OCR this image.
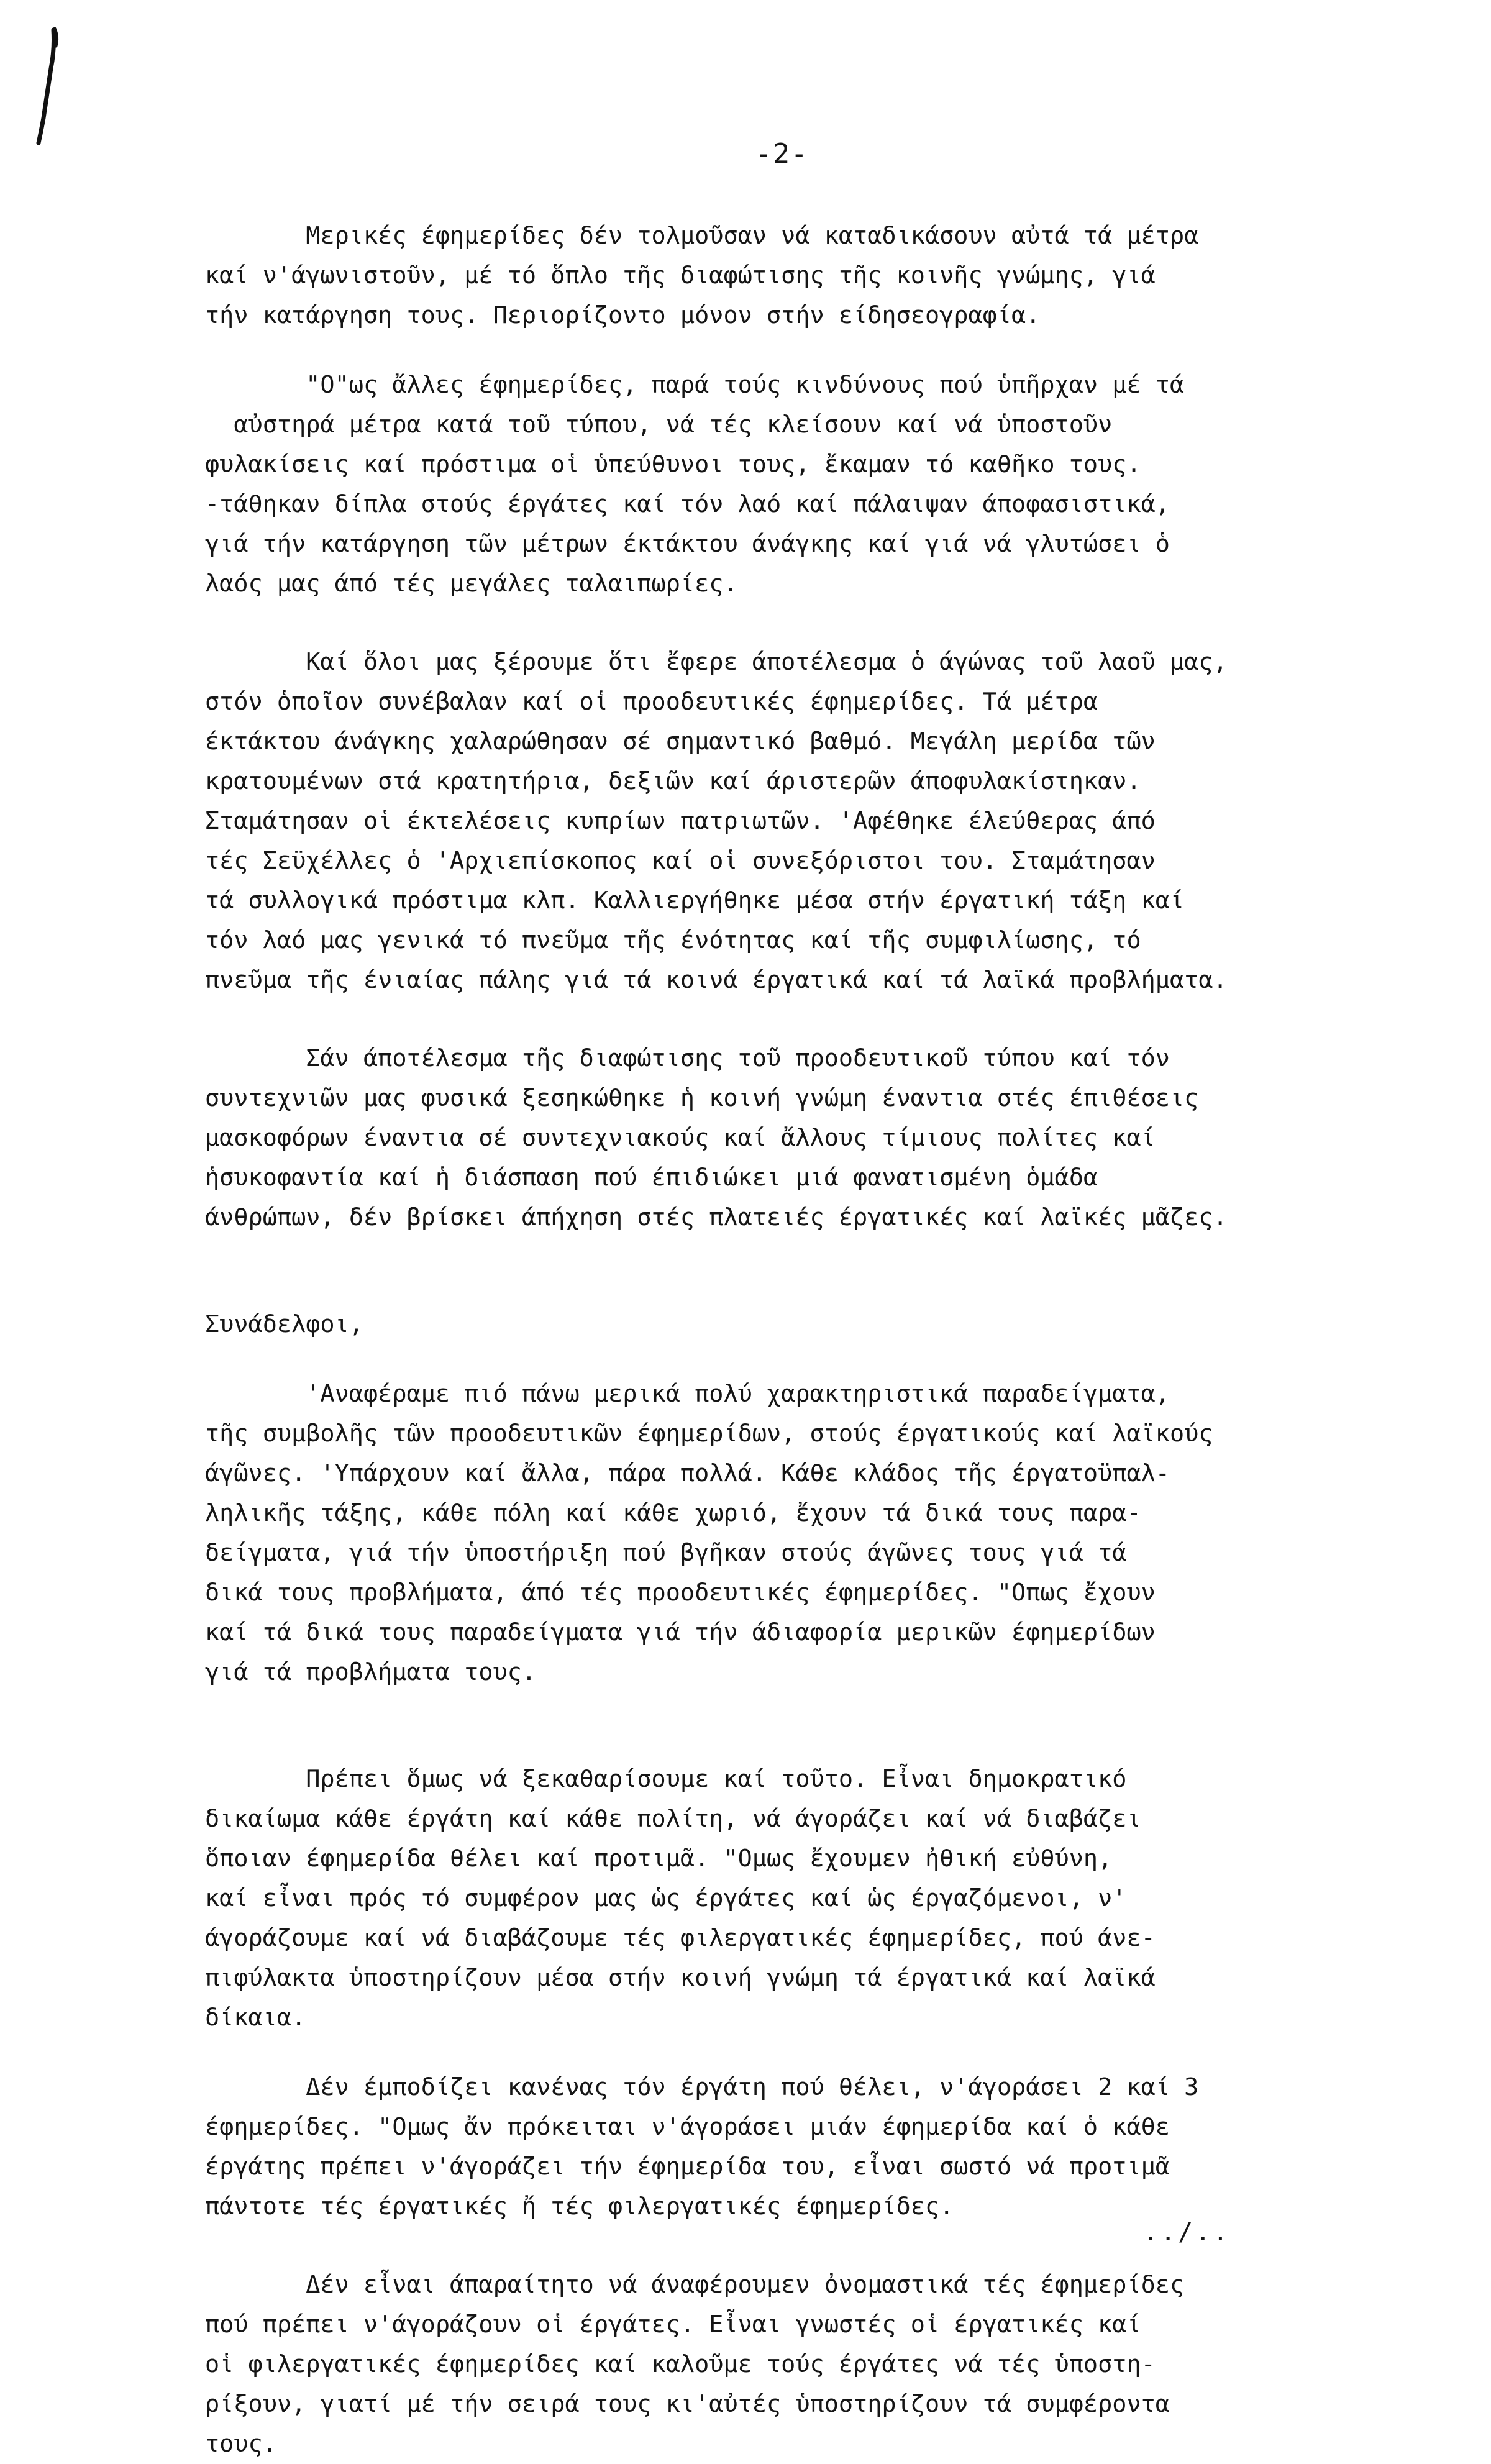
-2-
Μερικές έφημερίδες δέν τολμοῦσαν νά καταδικάσουν αὐτά τά μέτρα
καί ν'άγωνιστοῦν, μέ τό ὅπλο τῆς διαφώτισης τῆς κοινῆς γνώμης, γιά
τήν κατάργηση τους. Περιορίζοντο μόνον στήν είδησεογραφία.
"Ο"ως ἄλλες έφημερίδες, παρά τούς κινδύνους πού ὑπῆρχαν μέ τά
αὐστηρά μέτρα κατά τοῦ τύπου, νά τές κλείσουν καί νά ὑποστοῦν
φυλακίσεις καί πρόστιμα οἱ ὑπεύθυνοι τους, ἔκαμαν τό καθῆκο τους.
-τάθηκαν δίπλα στούς έργάτες καί τόν λαό καί πάλαιψαν άποφασιστικά,
γιά τήν κατάργηση τῶν μέτρων έκτάκτου άνάγκης καί γιά νά γλυτώσει ὁ
λαός μας άπό τές μεγάλες ταλαιπωρίες.
Καί ὅλοι μας ξέρουμε ὅτι ἔφερε άποτέλεσμα ὁ άγώνας τοῦ λαοῦ μας,
στόν ὁποῖον συνέβαλαν καί οἱ προοδευτικές έφημερίδες. Τά μέτρα
έκτάκτου άνάγκης χαλαρώθησαν σέ σημαντικό βαθμό. Μεγάλη μερίδα τῶν
κρατουμένων στά κρατητήρια, δεξιῶν καί άριστερῶν άποφυλακίστηκαν.
Σταμάτησαν οἱ έκτελέσεις κυπρίων πατριωτῶν. 'Αφέθηκε έλεύθερας άπό
τές Σεϋχέλλες ὁ 'Αρχιεπίσκοπος καί οἱ συνεξόριστοι του. Σταμάτησαν
τά συλλογικά πρόστιμα κλπ. Καλλιεργήθηκε μέσα στήν έργατική τάξη καί
τόν λαό μας γενικά τό πνεῦμα τῆς ένότητας καί τῆς συμφιλίωσης, τό
πνεῦμα τῆς ένιαίας πάλης γιά τά κοινά έργατικά καί τά λαϊκά προβλήματα.
Σάν άποτέλεσμα τῆς διαφώτισης τοῦ προοδευτικοῦ τύπου καί τόν
συντεχνιῶν μας φυσικά ξεσηκώθηκε ἡ κοινή γνώμη έναντια στές έπιθέσεις
μασκοφόρων έναντια σέ συντεχνιακούς καί ἄλλους τίμιους πολίτες καί
ἡσυκοφαντία καί ἡ διάσπαση πού έπιδιώκει μιά φανατισμένη ὁμάδα
άνθρώπων, δέν βρίσκει άπήχηση στές πλατειές έργατικές καί λαϊκές μᾶζες.
Συνάδελφοι,
'Αναφέραμε πιό πάνω μερικά πολύ χαρακτηριστικά παραδείγματα,
τῆς συμβολῆς τῶν προοδευτικῶν έφημερίδων, στούς έργατικούς καί λαϊκούς
άγῶνες. 'Υπάρχουν καί ἄλλα, πάρα πολλά. Κάθε κλάδος τῆς έργατοϋπαλ-
ληλικῆς τάξης, κάθε πόλη καί κάθε χωριό, ἔχουν τά δικά τους παρα-
δείγματα, γιά τήν ὑποστήριξη πού βγῆκαν στούς άγῶνες τους γιά τά
δικά τους προβλήματα, άπό τές προοδευτικές έφημερίδες. "Οπως ἔχουν
καί τά δικά τους παραδείγματα γιά τήν άδιαφορία μερικῶν έφημερίδων
γιά τά προβλήματα τους.
Πρέπει ὅμως νά ξεκαθαρίσουμε καί τοῦτο. Εἶναι δημοκρατικό
δικαίωμα κάθε έργάτη καί κάθε πολίτη, νά άγοράζει καί νά διαβάζει
ὅποιαν έφημερίδα θέλει καί προτιμᾶ. "Ομως ἔχουμεν ἠθική εὐθύνη,
καί εἶναι πρός τό συμφέρον μας ὡς έργάτες καί ὡς έργαζόμενοι, ν'
άγοράζουμε καί νά διαβάζουμε τές φιλεργατικές έφημερίδες, πού άνε-
πιφύλακτα ὑποστηρίζουν μέσα στήν κοινή γνώμη τά έργατικά καί λαϊκά
δίκαια.
Δέν έμποδίζει κανένας τόν έργάτη πού θέλει, ν'άγοράσει 2 καί 3
έφημερίδες. "Ομως ἄν πρόκειται ν'άγοράσει μιάν έφημερίδα καί ὁ κάθε
έργάτης πρέπει ν'άγοράζει τήν έφημερίδα του, εἶναι σωστό νά προτιμᾶ
πάντοτε τές έργατικές ἤ τές φιλεργατικές έφημερίδες.
Δέν εἶναι άπαραίτητο νά άναφέρουμεν ὀνομαστικά τές έφημερίδες
πού πρέπει ν'άγοράζουν οἱ έργάτες. Εἶναι γνωστές οἱ έργατικές καί
οἱ φιλεργατικές έφημερίδες καί καλοῦμε τούς έργάτες νά τές ὑποστη-
ρίξουν, γιατί μέ τήν σειρά τους κι'αὐτές ὑποστηρίζουν τά συμφέροντα
τους.
../..
